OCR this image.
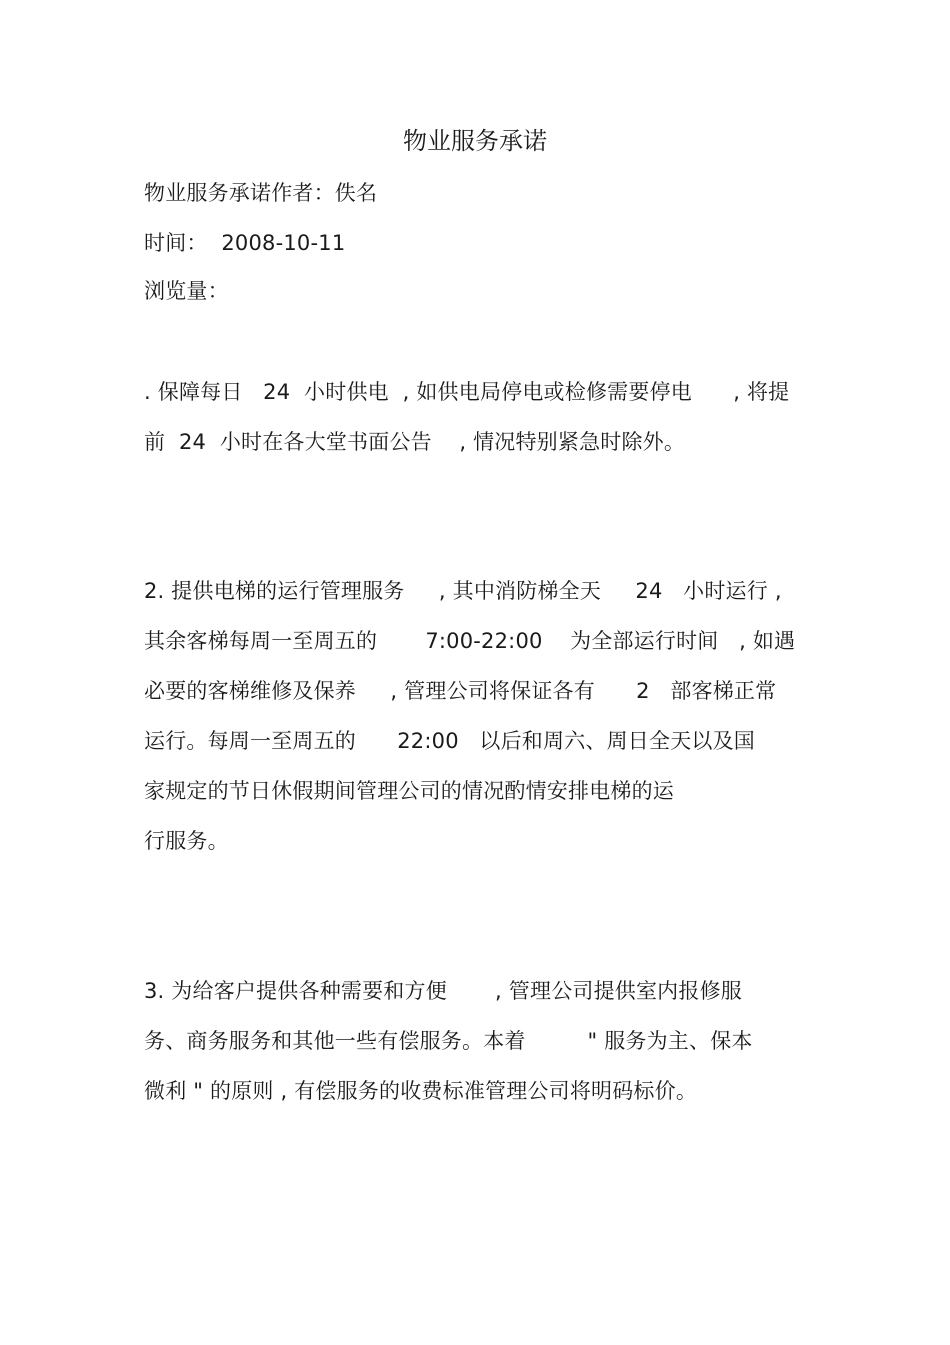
物业服务承诺
物业服务承诺作者：佚名
时间：  2008-10-11
浏览量：
. 保障每日   24  小时供电  , 如供电局停电或检修需要停电      , 将提
前  24  小时在各大堂书面公告    , 情况特别紧急时除外。
2. 提供电梯的运行管理服务     , 其中消防梯全天     24   小时运行 ,
其余客梯每周一至周五的       7:00-22:00    为全部运行时间   , 如遇
必要的客梯维修及保养     , 管理公司将保证各有      2   部客梯正常
运行。每周一至周五的      22:00   以后和周六、周日全天以及国
家规定的节日休假期间管理公司的情况酌情安排电梯的运
行服务。
3. 为给客户提供各种需要和方便       , 管理公司提供室内报修服
务、商务服务和其他一些有偿服务。本着         " 服务为主、保本
微利 " 的原则 , 有偿服务的收费标准管理公司将明码标价。
